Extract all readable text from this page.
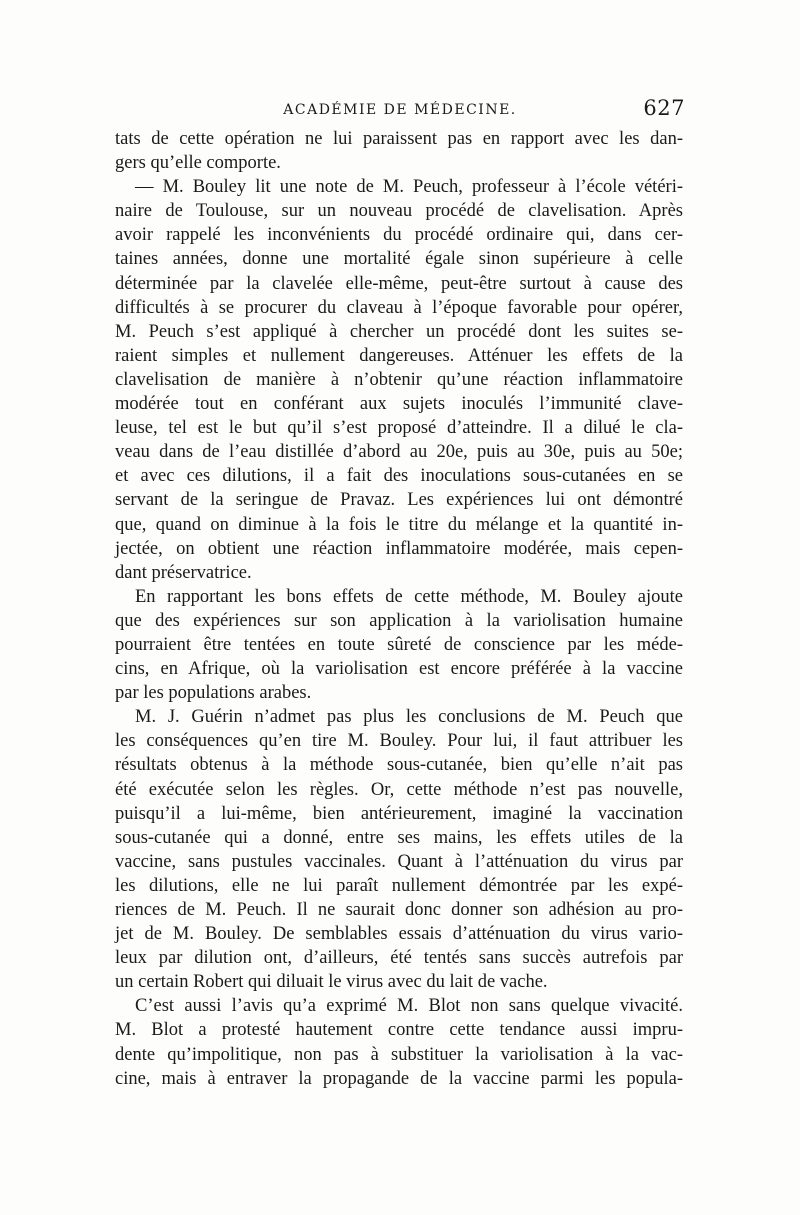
ACADÉMIE DE MÉDECINE.	627

tats de cette opération ne lui paraissent pas en rapport avec les dan-
gers qu’elle comporte.

— M. Bouley lit une note de M. Peuch, professeur à l’école vétéri-
naire de Toulouse, sur un nouveau procédé de clavelisation. Après
avoir rappelé les inconvénients du procédé ordinaire qui, dans cer-
taines années, donne une mortalité égale sinon supérieure à celle
déterminée par la clavelée elle-même, peut-être surtout à cause des
difficultés à se procurer du claveau à l’époque favorable pour opérer,
M. Peuch s’est appliqué à chercher un procédé dont les suites se-
raient simples et nullement dangereuses. Atténuer les effets de la
clavelisation de manière à n’obtenir qu’une réaction inflammatoire
modérée tout en conférant aux sujets inoculés l’immunité clave-
leuse, tel est le but qu’il s’est proposé d’atteindre. Il a dilué le cla-
veau dans de l’eau distillée d’abord au 20e, puis au 30e, puis au 50e;
et avec ces dilutions, il a fait des inoculations sous-cutanées en se
servant de la seringue de Pravaz. Les expériences lui ont démontré
que, quand on diminue à la fois le titre du mélange et la quantité in-
jectée, on obtient une réaction inflammatoire modérée, mais cepen-
dant préservatrice.

En rapportant les bons effets de cette méthode, M. Bouley ajoute
que des expériences sur son application à la variolisation humaine
pourraient être tentées en toute sûreté de conscience par les méde-
cins, en Afrique, où la variolisation est encore préférée à la vaccine
par les populations arabes.

M. J. Guérin n’admet pas plus les conclusions de M. Peuch que
les conséquences qu’en tire M. Bouley. Pour lui, il faut attribuer les
résultats obtenus à la méthode sous-cutanée, bien qu’elle n’ait pas
été exécutée selon les règles. Or, cette méthode n’est pas nouvelle,
puisqu’il a lui-même, bien antérieurement, imaginé la vaccination
sous-cutanée qui a donné, entre ses mains, les effets utiles de la
vaccine, sans pustules vaccinales. Quant à l’atténuation du virus par
les dilutions, elle ne lui paraît nullement démontrée par les expé-
riences de M. Peuch. Il ne saurait donc donner son adhésion au pro-
jet de M. Bouley. De semblables essais d’atténuation du virus vario-
leux par dilution ont, d’ailleurs, été tentés sans succès autrefois par
un certain Robert qui diluait le virus avec du lait de vache.

C’est aussi l’avis qu’a exprimé M. Blot non sans quelque vivacité.
M. Blot a protesté hautement contre cette tendance aussi impru-
dente qu’impolitique, non pas à substituer la variolisation à la vac-
cine, mais à entraver la propagande de la vaccine parmi les popula-
